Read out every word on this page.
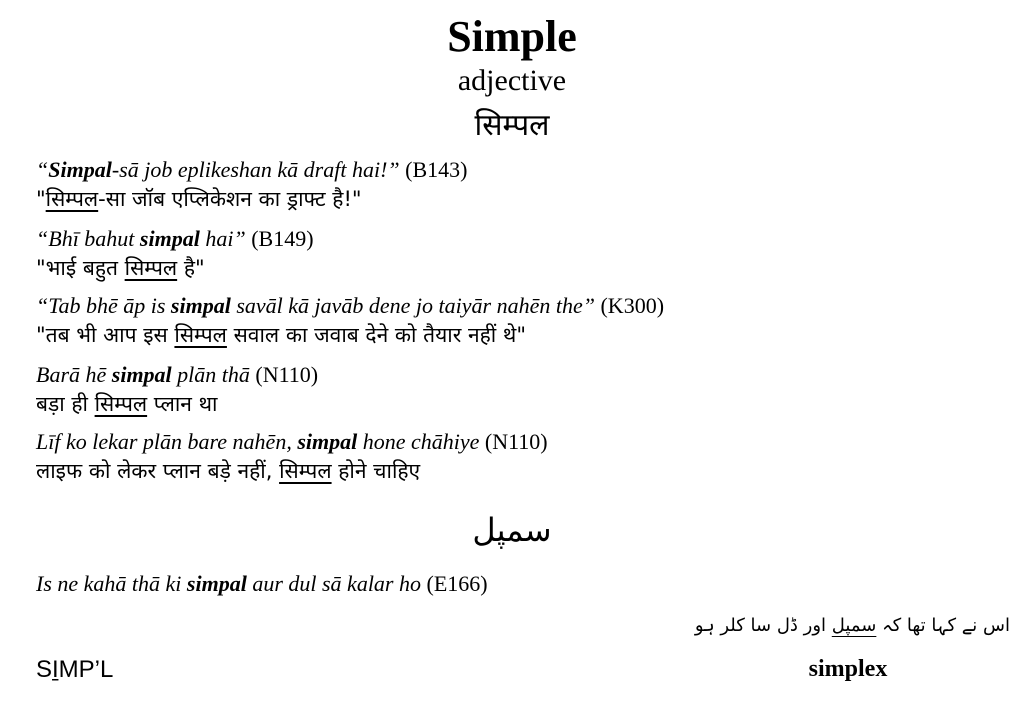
Simple
adjective
सिम्पल
“Simpal-sā job eplikeshan kā draft hai!” (B143)
"सिम्पल-सा जॉब एप्लिकेशन का ड्राफ्ट है!"
“Bhī bahut simpal hai” (B149)
"भाई बहुत सिम्पल है"
“Tab bhē āp is simpal savāl kā javāb dene jo taiyār nahēn the” (K300)
"तब भी आप इस सिम्पल सवाल का जवाब देने को तैयार नहीं थे"
Barā hē simpal plān thā (N110)
बड़ा ही सिम्पल प्लान था
Līf ko lekar plān bare nahēn, simpal hone chāhiye (N110)
लाइफ को लेकर प्लान बड़े नहीं, सिम्पल होने चाहिए
سمپل
Is ne kahā thā ki simpal aur dul sā kalar ho (E166)
اس نے کہا تھا کہ سمپل اور ڈل سا کلر ہو
SI̱MP’L	simplex
